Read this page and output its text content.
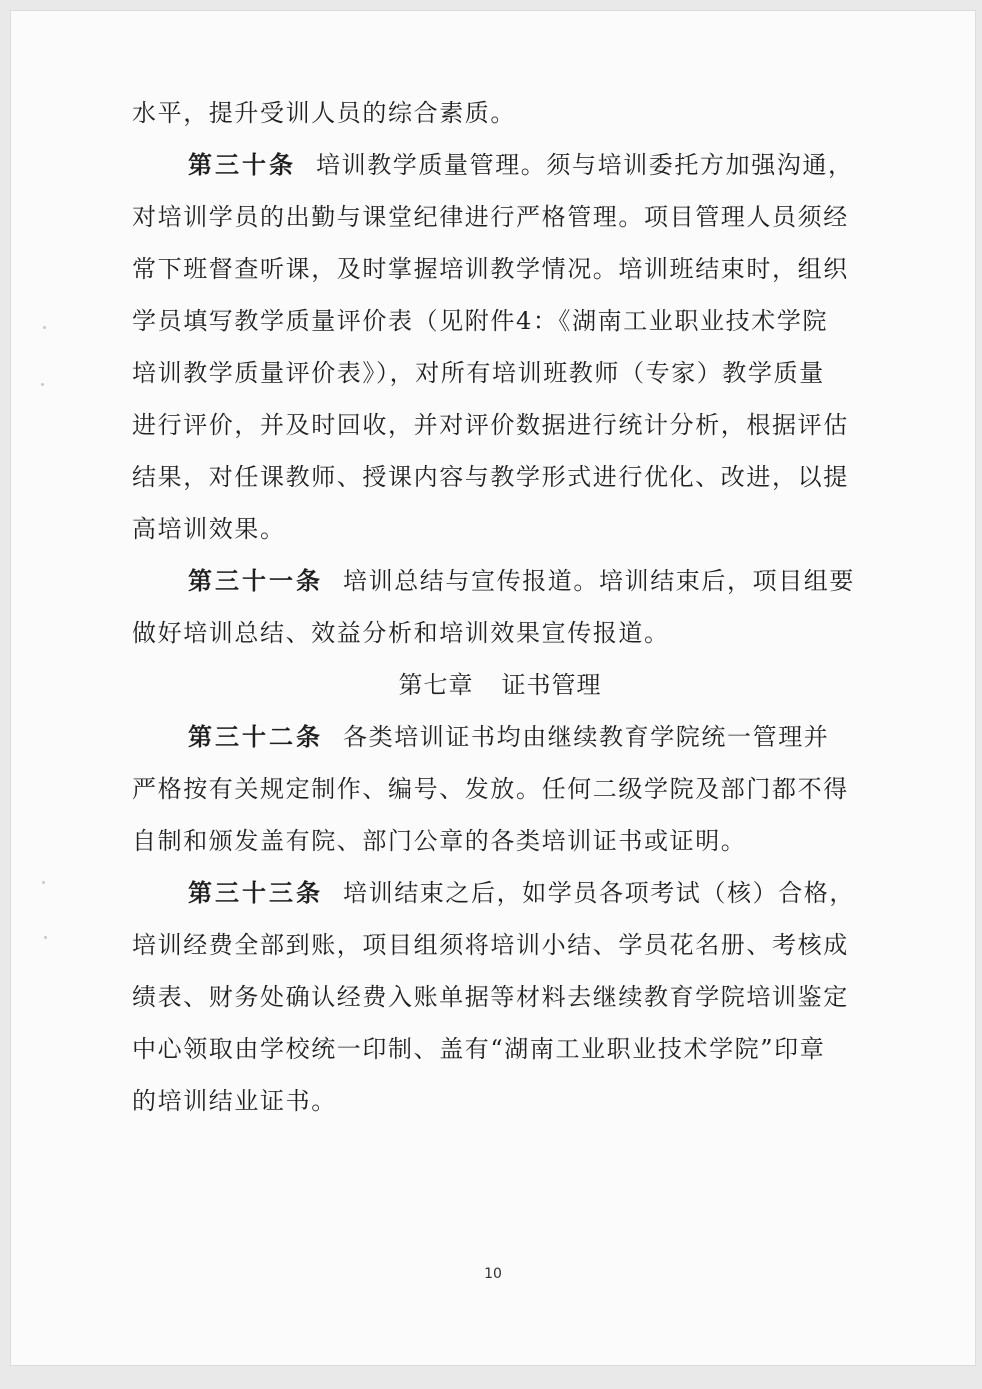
水平，提升受训人员的综合素质。
第三十条 培训教学质量管理。须与培训委托方加强沟通，
对培训学员的出勤与课堂纪律进行严格管理。项目管理人员须经
常下班督查听课，及时掌握培训教学情况。培训班结束时，组织
学员填写教学质量评价表（见附件4：《湖南工业职业技术学院
培训教学质量评价表》），对所有培训班教师（专家）教学质量
进行评价，并及时回收，并对评价数据进行统计分析，根据评估
结果，对任课教师、授课内容与教学形式进行优化、改进，以提
高培训效果。
第三十一条 培训总结与宣传报道。培训结束后，项目组要
做好培训总结、效益分析和培训效果宣传报道。
第七章 证书管理
第三十二条 各类培训证书均由继续教育学院统一管理并
严格按有关规定制作、编号、发放。任何二级学院及部门都不得
自制和颁发盖有院、部门公章的各类培训证书或证明。
第三十三条 培训结束之后，如学员各项考试（核）合格，
培训经费全部到账，项目组须将培训小结、学员花名册、考核成
绩表、财务处确认经费入账单据等材料去继续教育学院培训鉴定
中心领取由学校统一印制、盖有“湖南工业职业技术学院”印章
的培训结业证书。
10
